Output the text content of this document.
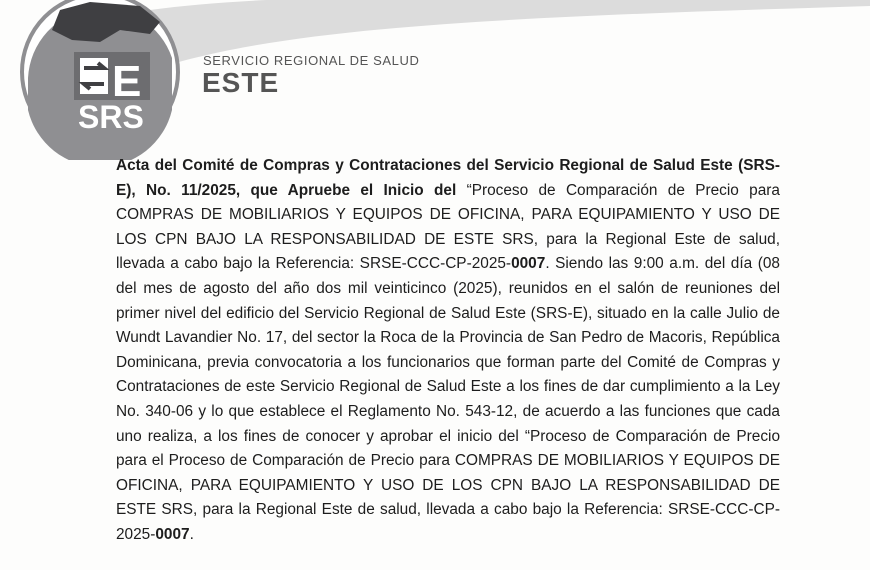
E
SRS
SERVICIO REGIONAL DE SALUD
ESTE

Acta del Comité de Compras y Contrataciones del Servicio Regional de Salud Este (SRS-E), No. 11/2025, que Apruebe el Inicio del “Proceso de Comparación de Precio para COMPRAS DE MOBILIARIOS Y EQUIPOS DE OFICINA, PARA EQUIPAMIENTO Y USO DE LOS CPN BAJO LA RESPONSABILIDAD DE ESTE SRS, para la Regional Este de salud, llevada a cabo bajo la Referencia: SRSE-CCC-CP-2025-0007. Siendo las 9:00 a.m. del día (08 del mes de agosto del año dos mil veinticinco (2025), reunidos en el salón de reuniones del primer nivel del edificio del Servicio Regional de Salud Este (SRS-E), situado en la calle Julio de Wundt Lavandier No. 17, del sector la Roca de la Provincia de San Pedro de Macoris, República Dominicana, previa convocatoria a los funcionarios que forman parte del Comité de Compras y Contrataciones de este Servicio Regional de Salud Este a los fines de dar cumplimiento a la Ley No. 340-06 y lo que establece el Reglamento No. 543-12, de acuerdo a las funciones que cada uno realiza, a los fines de conocer y aprobar el inicio del “Proceso de Comparación de Precio para el Proceso de Comparación de Precio para COMPRAS DE MOBILIARIOS Y EQUIPOS DE OFICINA, PARA EQUIPAMIENTO Y USO DE LOS CPN BAJO LA RESPONSABILIDAD DE ESTE SRS, para la Regional Este de salud, llevada a cabo bajo la Referencia: SRSE-CCC-CP-2025-0007.
